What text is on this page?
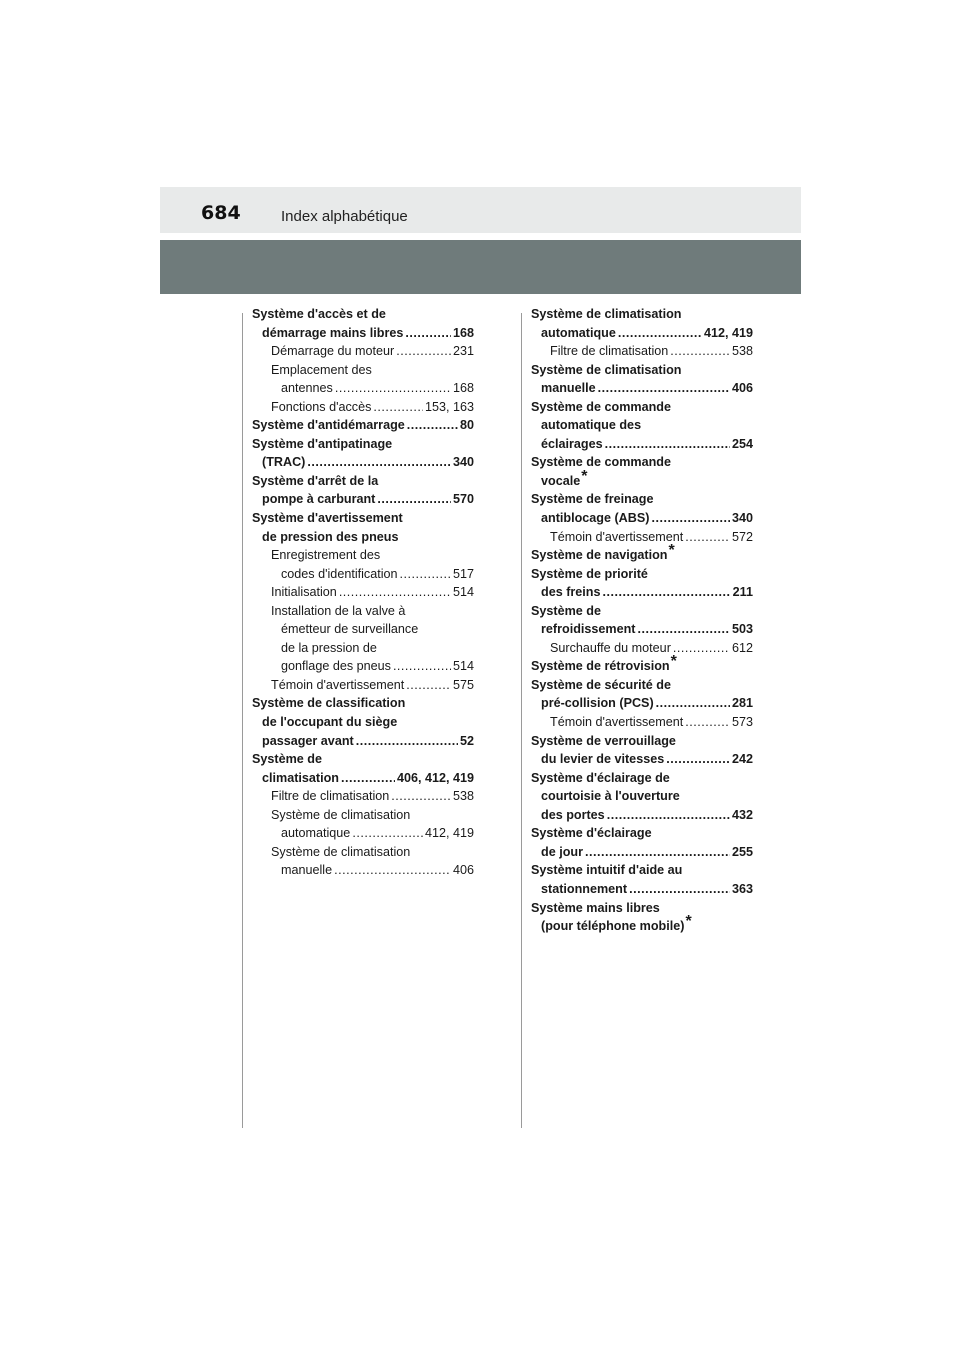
684	Index alphabétique
Système d'accès et de
démarrage mains libres .....	168
Démarrage du moteur .....	231
Emplacement des
antennes .....	168
Fonctions d'accès .....	153, 163
Système d'antidémarrage .....	80
Système d'antipatinage
(TRAC) .....	340
Système d'arrêt de la
pompe à carburant .....	570
Système d'avertissement
de pression des pneus
Enregistrement des
codes d'identification .....	517
Initialisation .....	514
Installation de la valve à
émetteur de surveillance
de la pression de
gonflage des pneus .....	514
Témoin d'avertissement .....	575
Système de classification
de l'occupant du siège
passager avant .....	52
Système de
climatisation .....	406, 412, 419
Filtre de climatisation .....	538
Système de climatisation
automatique .....	412, 419
Système de climatisation
manuelle .....	406
Système de climatisation
automatique .....	412, 419
Filtre de climatisation .....	538
Système de climatisation
manuelle .....	406
Système de commande
automatique des
éclairages .....	254
Système de commande
vocale*
Système de freinage
antiblocage (ABS) .....	340
Témoin d'avertissement .....	572
Système de navigation*
Système de priorité
des freins .....	211
Système de
refroidissement .....	503
Surchauffe du moteur .....	612
Système de rétrovision*
Système de sécurité de
pré-collision (PCS) .....	281
Témoin d'avertissement .....	573
Système de verrouillage
du levier de vitesses .....	242
Système d'éclairage de
courtoisie à l'ouverture
des portes .....	432
Système d'éclairage
de jour .....	255
Système intuitif d'aide au
stationnement .....	363
Système mains libres
(pour téléphone mobile)*
